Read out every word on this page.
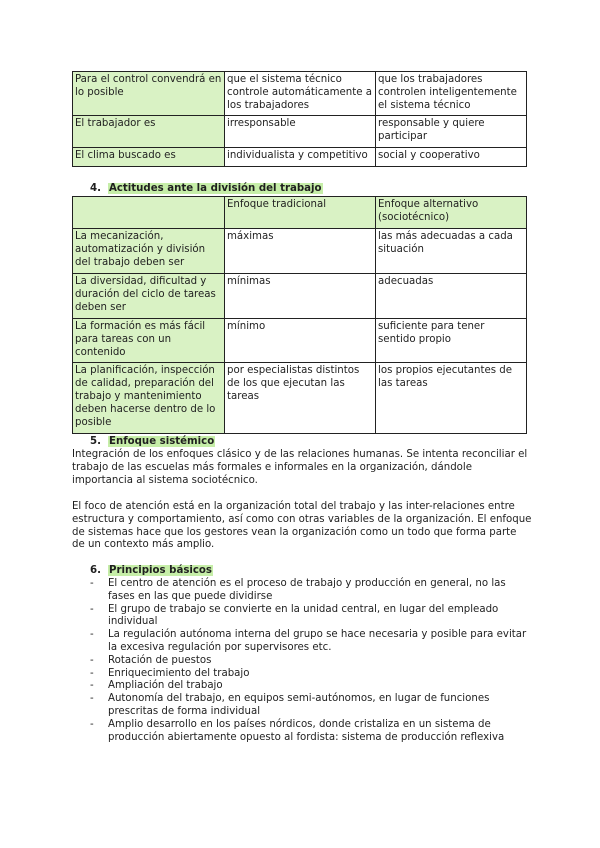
Para el control convendrá en lo posible	que el sistema técnico controle automáticamente a los trabajadores	que los trabajadores controlen inteligentemente el sistema técnico
El trabajador es	irresponsable	responsable y quiere participar
El clima buscado es	individualista y competitivo	social y cooperativo
4. Actitudes ante la división del trabajo
	Enfoque tradicional	Enfoque alternativo (sociotécnico)
La mecanización, automatización y división del trabajo deben ser	máximas	las más adecuadas a cada situación
La diversidad, dificultad y duración del ciclo de tareas deben ser	mínimas	adecuadas
La formación es más fácil para tareas con un contenido	mínimo	suficiente para tener sentido propio
La planificación, inspección de calidad, preparación del trabajo y mantenimiento deben hacerse dentro de lo posible	por especialistas distintos de los que ejecutan las tareas	los propios ejecutantes de las tareas
5. Enfoque sistémico

Integración de los enfoques clásico y de las relaciones humanas. Se intenta reconciliar el trabajo de las escuelas más formales e informales en la organización, dándole importancia al sistema sociotécnico.

El foco de atención está en la organización total del trabajo y las inter-relaciones entre estructura y comportamiento, así como con otras variables de la organización. El enfoque de sistemas hace que los gestores vean la organización como un todo que forma parte de un contexto más amplio.

6. Principios básicos
- El centro de atención es el proceso de trabajo y producción en general, no las fases en las que puede dividirse
- El grupo de trabajo se convierte en la unidad central, en lugar del empleado individual
- La regulación autónoma interna del grupo se hace necesaria y posible para evitar la excesiva regulación por supervisores etc.
- Rotación de puestos
- Enriquecimiento del trabajo
- Ampliación del trabajo
- Autonomía del trabajo, en equipos semi-autónomos, en lugar de funciones prescritas de forma individual
- Amplio desarrollo en los países nórdicos, donde cristaliza en un sistema de producción abiertamente opuesto al fordista: sistema de producción reflexiva
